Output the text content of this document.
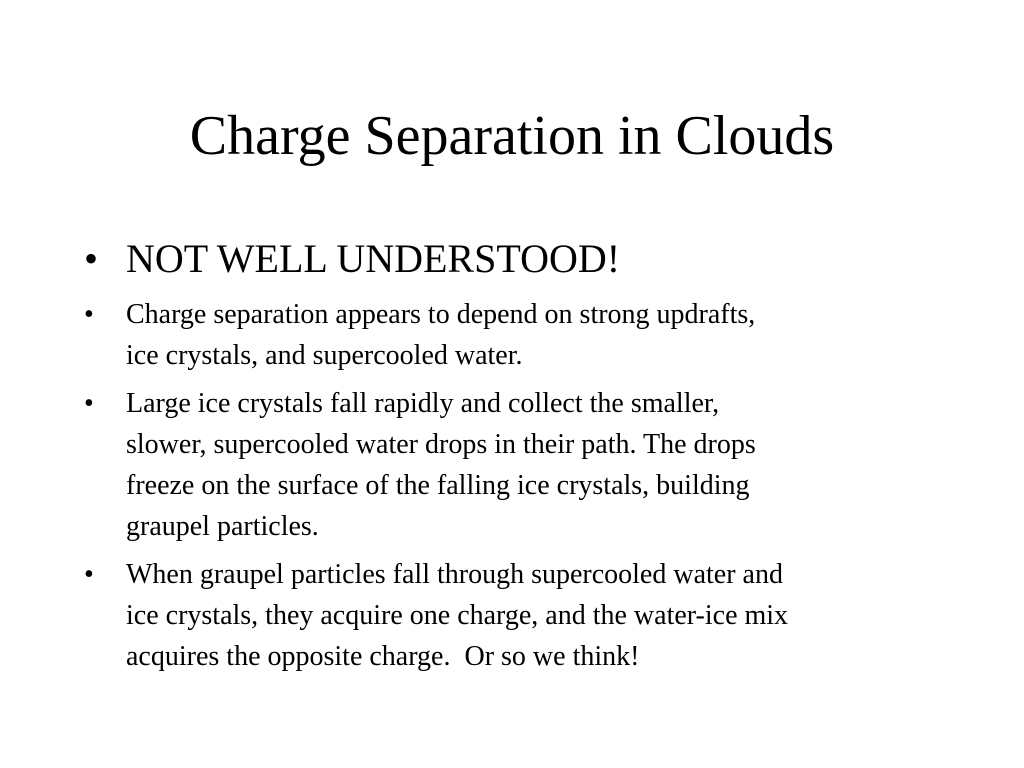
Charge Separation in Clouds
• NOT WELL UNDERSTOOD!
•	Charge separation appears to depend on strong updrafts,
ice crystals, and supercooled water.
•	Large ice crystals fall rapidly and collect the smaller,
slower, supercooled water drops in their path. The drops
freeze on the surface of the falling ice crystals, building
graupel particles.
•	When graupel particles fall through supercooled water and
ice crystals, they acquire one charge, and the water-ice mix
acquires the opposite charge.  Or so we think!
